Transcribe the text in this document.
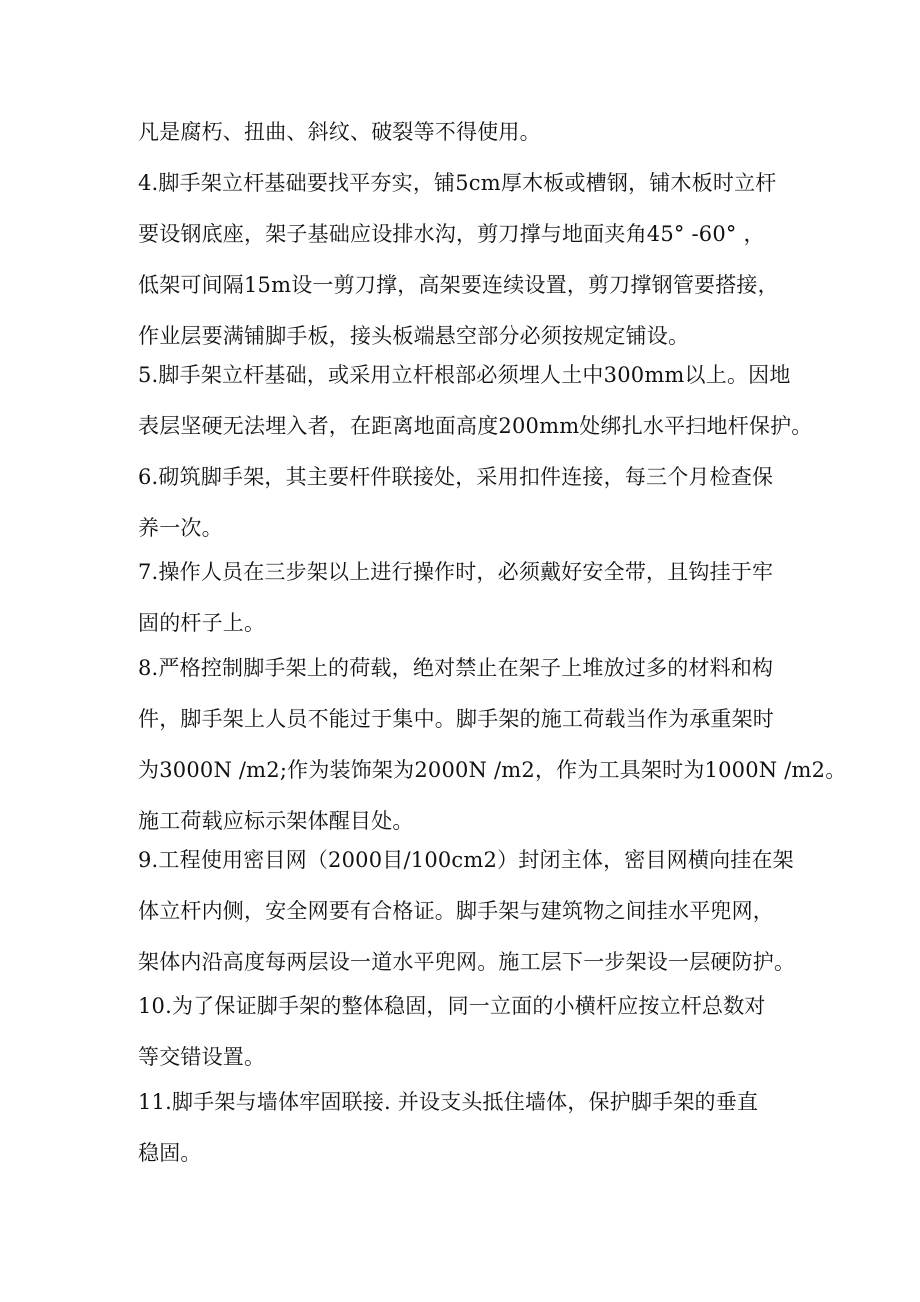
凡是腐朽、扭曲、斜纹、破裂等不得使用。
4.脚手架立杆基础要找平夯实，铺5cm厚木板或槽钢，铺木板时立杆
要设钢底座，架子基础应设排水沟，剪刀撑与地面夹角45° -60° ，
低架可间隔15m设一剪刀撑，高架要连续设置，剪刀撑钢管要搭接，
作业层要满铺脚手板，接头板端悬空部分必须按规定铺设。
5.脚手架立杆基础，或采用立杆根部必须埋人土中300mm以上。因地
表层坚硬无法埋入者，在距离地面高度200mm处绑扎水平扫地杆保护。
6.砌筑脚手架，其主要杆件联接处，采用扣件连接，每三个月检查保
养一次。
7.操作人员在三步架以上进行操作时，必须戴好安全带，且钩挂于牢
固的杆子上。
8.严格控制脚手架上的荷载，绝对禁止在架子上堆放过多的材料和构
件，脚手架上人员不能过于集中。脚手架的施工荷载当作为承重架时
为3000N /m2;作为装饰架为2000N /m2，作为工具架时为1000N /m2。
施工荷载应标示架体醒目处。
9.工程使用密目网（2000目/100cm2）封闭主体，密目网横向挂在架
体立杆内侧，安全网要有合格证。脚手架与建筑物之间挂水平兜网，
架体内沿高度每两层设一道水平兜网。施工层下一步架设一层硬防护。
10.为了保证脚手架的整体稳固，同一立面的小横杆应按立杆总数对
等交错设置。
11.脚手架与墙体牢固联接. 并设支头抵住墙体，保护脚手架的垂直
稳固。
